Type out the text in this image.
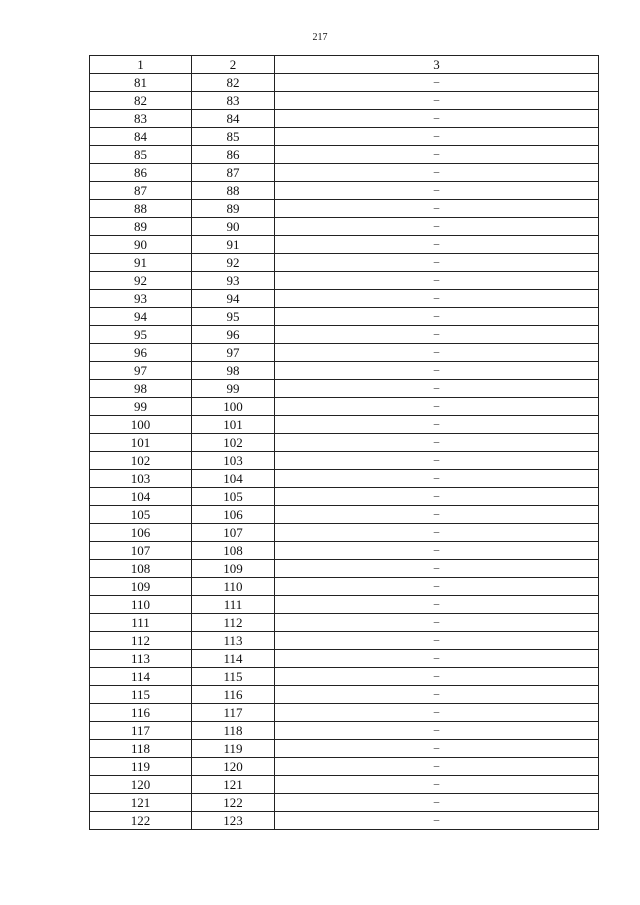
217
1	2	3
81	82	–
82	83	–
83	84	–
84	85	–
85	86	–
86	87	–
87	88	–
88	89	–
89	90	–
90	91	–
91	92	–
92	93	–
93	94	–
94	95	–
95	96	–
96	97	–
97	98	–
98	99	–
99	100	–
100	101	–
101	102	–
102	103	–
103	104	–
104	105	–
105	106	–
106	107	–
107	108	–
108	109	–
109	110	–
110	111	–
111	112	–
112	113	–
113	114	–
114	115	–
115	116	–
116	117	–
117	118	–
118	119	–
119	120	–
120	121	–
121	122	–
122	123	–
